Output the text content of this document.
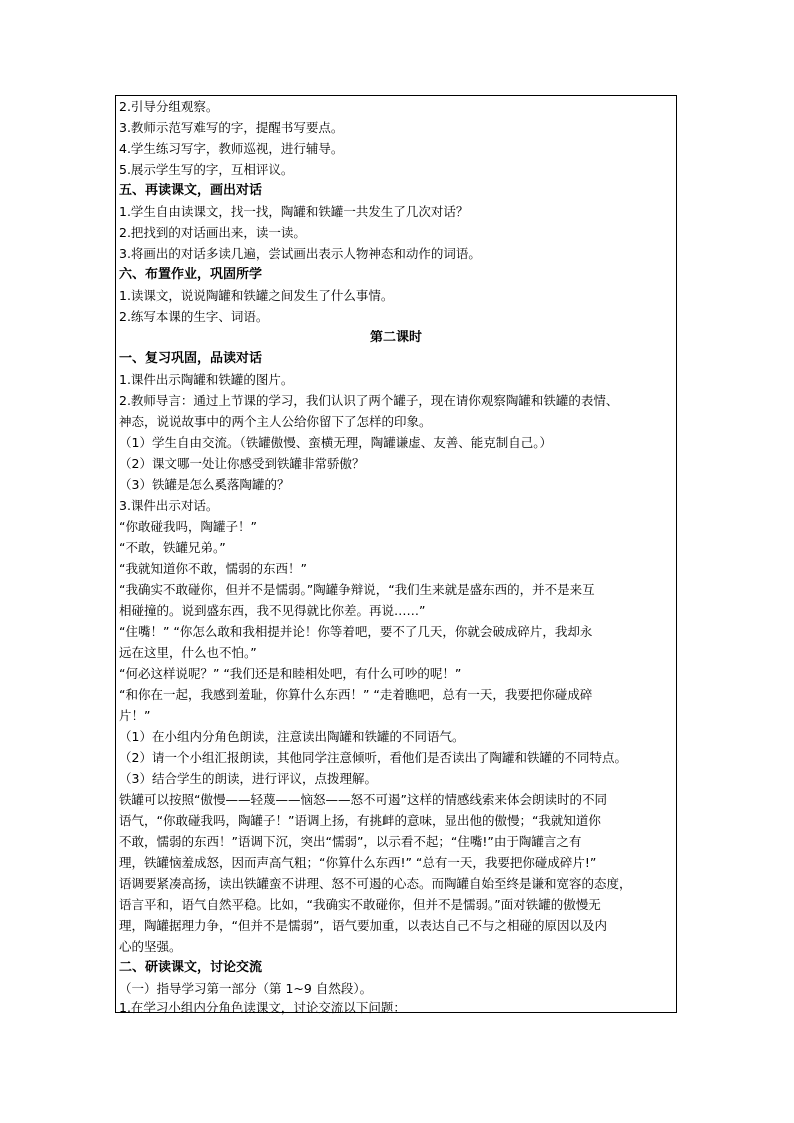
2.引导分组观察。
3.教师示范写难写的字，提醒书写要点。
4.学生练习写字，教师巡视，进行辅导。
5.展示学生写的字，互相评议。
五、再读课文，画出对话
1.学生自由读课文，找一找，陶罐和铁罐一共发生了几次对话？
2.把找到的对话画出来，读一读。
3.将画出的对话多读几遍，尝试画出表示人物神态和动作的词语。
六、布置作业，巩固所学
1.读课文，说说陶罐和铁罐之间发生了什么事情。
2.练写本课的生字、词语。
第二课时
一、复习巩固，品读对话
1.课件出示陶罐和铁罐的图片。
2.教师导言：通过上节课的学习，我们认识了两个罐子，现在请你观察陶罐和铁罐的表情、
神态，说说故事中的两个主人公给你留下了怎样的印象。
（1）学生自由交流。（铁罐傲慢、蛮横无理，陶罐谦虚、友善、能克制自己。）
（2）课文哪一处让你感受到铁罐非常骄傲？
（3）铁罐是怎么奚落陶罐的？
3.课件出示对话。
“你敢碰我吗，陶罐子！”
“不敢，铁罐兄弟。”
“我就知道你不敢，懦弱的东西！”
“我确实不敢碰你，但并不是懦弱。”陶罐争辩说，“我们生来就是盛东西的，并不是来互
相碰撞的。说到盛东西，我不见得就比你差。再说……”
“住嘴！” “你怎么敢和我相提并论！你等着吧，要不了几天，你就会破成碎片，我却永
远在这里，什么也不怕。”
“何必这样说呢？” “我们还是和睦相处吧，有什么可吵的呢！”
“和你在一起，我感到羞耻，你算什么东西！” “走着瞧吧，总有一天，我要把你碰成碎
片！”
（1）在小组内分角色朗读，注意读出陶罐和铁罐的不同语气。
（2）请一个小组汇报朗读，其他同学注意倾听，看他们是否读出了陶罐和铁罐的不同特点。
（3）结合学生的朗读，进行评议，点拨理解。
铁罐可以按照“傲慢——轻蔑——恼怒——怒不可遏”这样的情感线索来体会朗读时的不同
语气，“你敢碰我吗，陶罐子！”语调上扬，有挑衅的意味，显出他的傲慢；“我就知道你
不敢，懦弱的东西！”语调下沉，突出“懦弱”，以示看不起；“住嘴!”由于陶罐言之有
理，铁罐恼羞成怒，因而声高气粗；“你算什么东西!” “总有一天，我要把你碰成碎片!”
语调要紧凑高扬，读出铁罐蛮不讲理、怒不可遏的心态。而陶罐自始至终是谦和宽容的态度，
语言平和，语气自然平稳。比如，“我确实不敢碰你，但并不是懦弱。”面对铁罐的傲慢无
理，陶罐据理力争，“但并不是懦弱”，语气要加重，以表达自己不与之相碰的原因以及内
心的坚强。
二、研读课文，讨论交流
（一）指导学习第一部分（第 1~9 自然段）。
1.在学习小组内分角色读课文，讨论交流以下问题：
